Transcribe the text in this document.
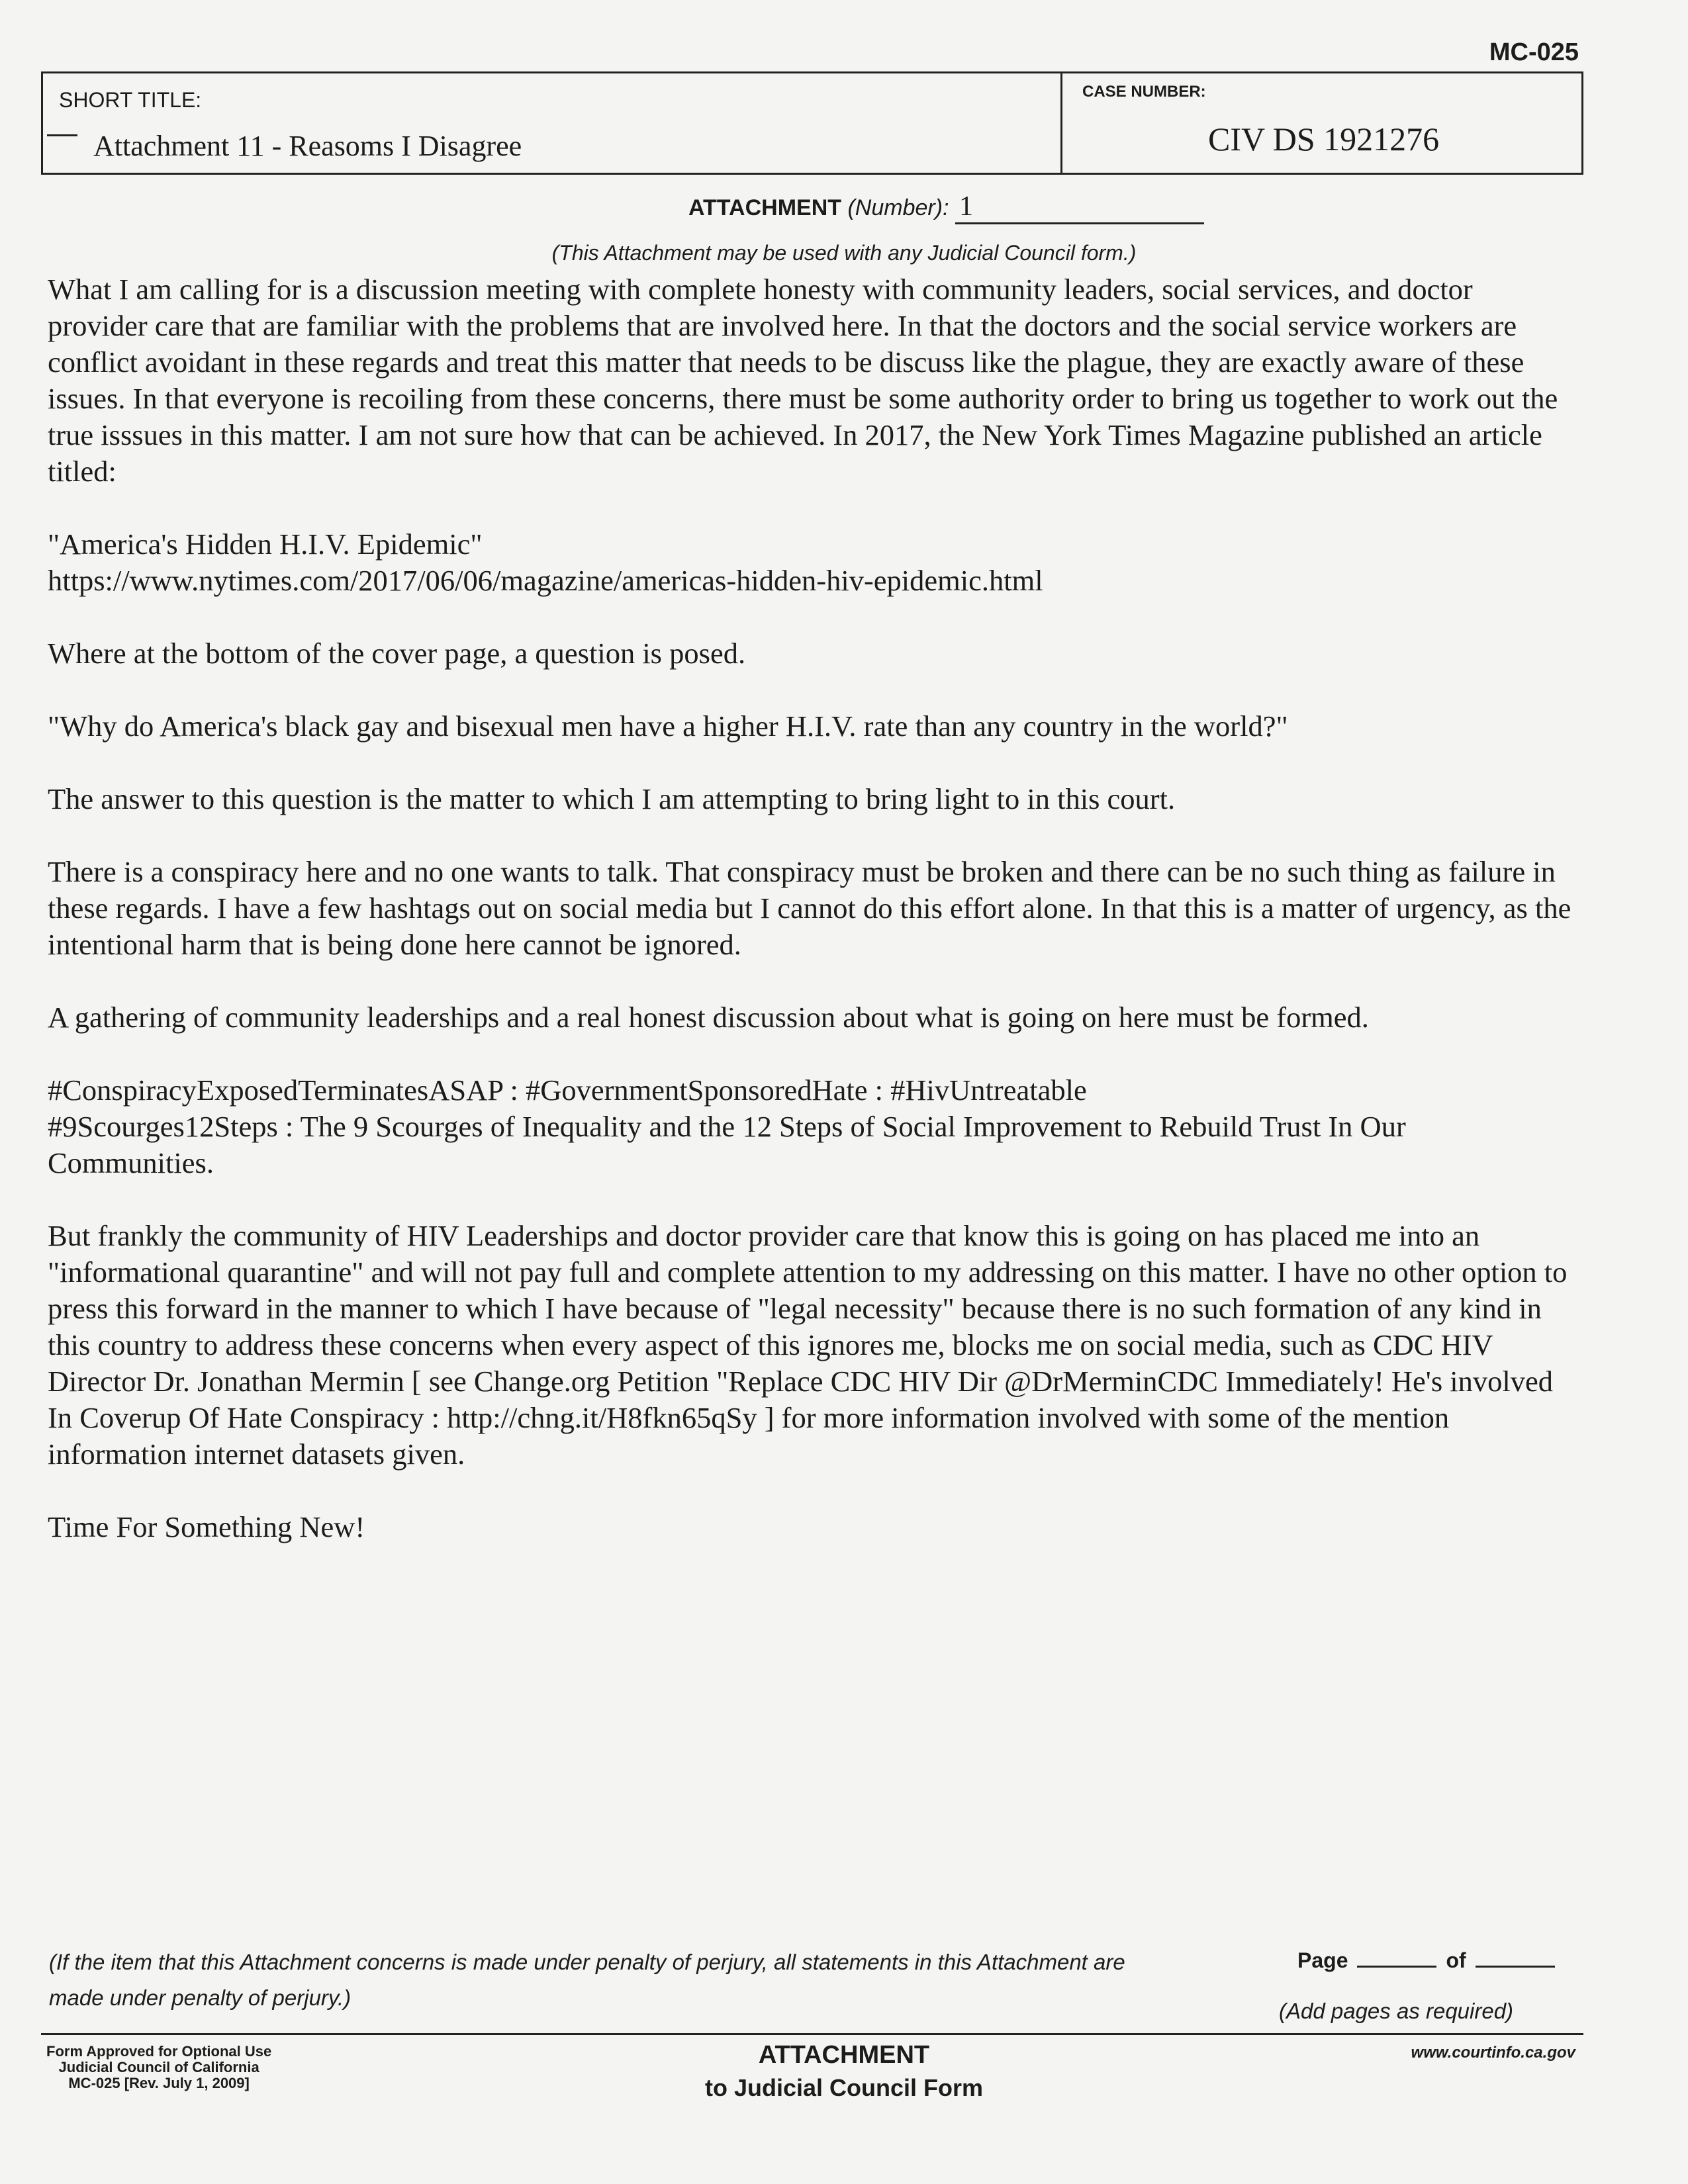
MC-025
SHORT TITLE:
Attachment 11 - Reasoms I Disagree
CASE NUMBER:
CIV DS 1921276
ATTACHMENT (Number): 1
(This Attachment may be used with any Judicial Council form.)

What I am calling for is a discussion meeting with complete honesty with community leaders, social services, and doctor provider care that are familiar with the problems that are involved here. In that the doctors and the social service workers are conflict avoidant in these regards and treat this matter that needs to be discuss like the plague, they are exactly aware of these issues. In that everyone is recoiling from these concerns, there must be some authority order to bring us together to work out the true isssues in this matter. I am not sure how that can be achieved. In 2017, the New York Times Magazine published an article titled:

"America's Hidden H.I.V. Epidemic"

https://www.nytimes.com/2017/06/06/magazine/americas-hidden-hiv-epidemic.html

Where at the bottom of the cover page, a question is posed.

"Why do America's black gay and bisexual men have a higher H.I.V. rate than any country in the world?"

The answer to this question is the matter to which I am attempting to bring light to in this court.

There is a conspiracy here and no one wants to talk. That conspiracy must be broken and there can be no such thing as failure in these regards. I have a few hashtags out on social media but I cannot do this effort alone. In that this is a matter of urgency, as the intentional harm that is being done here cannot be ignored.

A gathering of community leaderships and a real honest discussion about what is going on here must be formed.

#ConspiracyExposedTerminatesASAP : #GovernmentSponsoredHate : #HivUntreatable

#9Scourges12Steps : The 9 Scourges of Inequality and the 12 Steps of Social Improvement to Rebuild Trust In Our Communities.

But frankly the community of HIV Leaderships and doctor provider care that know this is going on has placed me into an "informational quarantine" and will not pay full and complete attention to my addressing on this matter. I have no other option to press this forward in the manner to which I have because of "legal necessity" because there is no such formation of any kind in this country to address these concerns when every aspect of this ignores me, blocks me on social media, such as CDC HIV Director Dr. Jonathan Mermin [ see Change.org Petition "Replace CDC HIV Dir @DrMerminCDC Immediately! He's involved In Coverup Of Hate Conspiracy : http://chng.it/H8fkn65qSy ] for more information involved with some of the mention information internet datasets given.

Time For Something New!

(If the item that this Attachment concerns is made under penalty of perjury, all statements in this Attachment are made under penalty of perjury.)
Page	of
(Add pages as required)
Form Approved for Optional Use
Judicial Council of California
MC-025 [Rev. July 1, 2009]
ATTACHMENT
to Judicial Council Form
www.courtinfo.ca.gov
